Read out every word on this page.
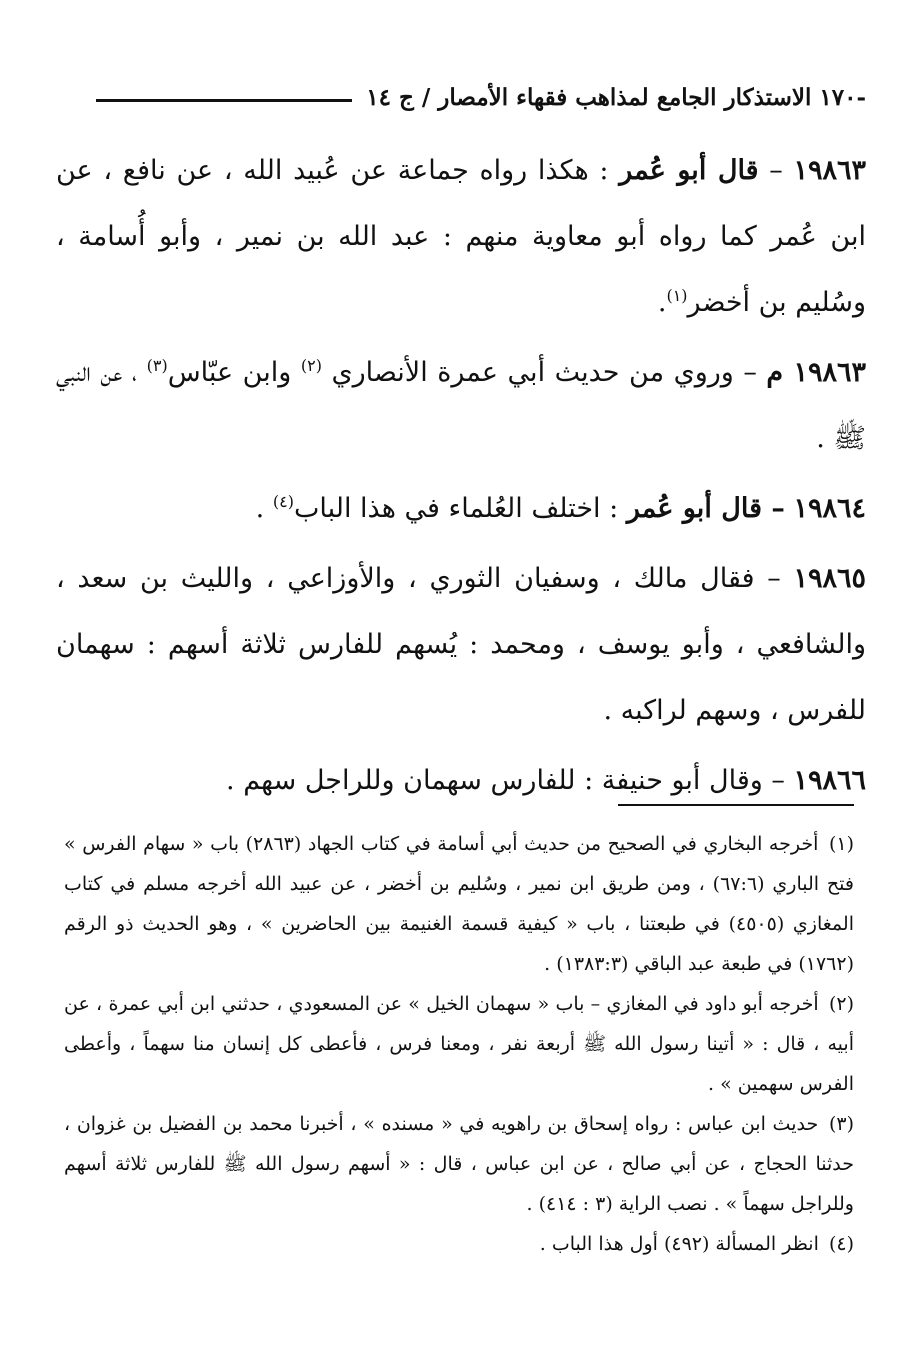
-١٧٠ الاستذكار الجامع لمذاهب فقهاء الأمصار / ج ١٤

١٩٨٦٣ – قال أبو عُمر : هكذا رواه جماعة عن عُبيد الله ، عن نافع ، عن ابن عُمر كما رواه أبو معاوية منهم : عبد الله بن نمير ، وأبو أُسامة ، وسُليم بن أخضر$^{(١)}$.

١٩٨٦٣ م – وروي من حديث أبي عمرة الأنصاري $^{(٢)}$ وابن عبّاس$^{(٣)}$ ، عن النبي ﷺ .

١٩٨٦٤ – قال أبو عُمر : اختلف العُلماء في هذا الباب$^{(٤)}$ .

١٩٨٦٥ – فقال مالك ، وسفيان الثوري ، والأوزاعي ، والليث بن سعد ، والشافعي ، وأبو يوسف ، ومحمد : يُسهم للفارس ثلاثة أسهم : سهمان للفرس ، وسهم لراكبه .

١٩٨٦٦ – وقال أبو حنيفة : للفارس سهمان وللراجل سهم .

(١) أخرجه البخاري في الصحيح من حديث أبي أسامة في كتاب الجهاد (٢٨٦٣) باب « سهام الفرس » فتح الباري (٦٧:٦) ، ومن طريق ابن نمير ، وسُليم بن أخضر ، عن عبيد الله أخرجه مسلم في كتاب المغازي (٤٥٠٥) في طبعتنا ، باب « كيفية قسمة الغنيمة بين الحاضرين » ، وهو الحديث ذو الرقم (١٧٦٢) في طبعة عبد الباقي (١٣٨٣:٣) .

(٢) أخرجه أبو داود في المغازي – باب « سهمان الخيل » عن المسعودي ، حدثني ابن أبي عمرة ، عن أبيه ، قال : « أتينا رسول الله ﷺ أربعة نفر ، ومعنا فرس ، فأعطى كل إنسان منا سهماً ، وأعطى الفرس سهمين » .

(٣) حديث ابن عباس : رواه إسحاق بن راهويه في « مسنده » ، أخبرنا محمد بن الفضيل بن غزوان ، حدثنا الحجاج ، عن أبي صالح ، عن ابن عباس ، قال : « أسهم رسول الله ﷺ للفارس ثلاثة أسهم وللراجل سهماً » . نصب الراية (٣ : ٤١٤) .

(٤) انظر المسألة (٤٩٢) أول هذا الباب .
